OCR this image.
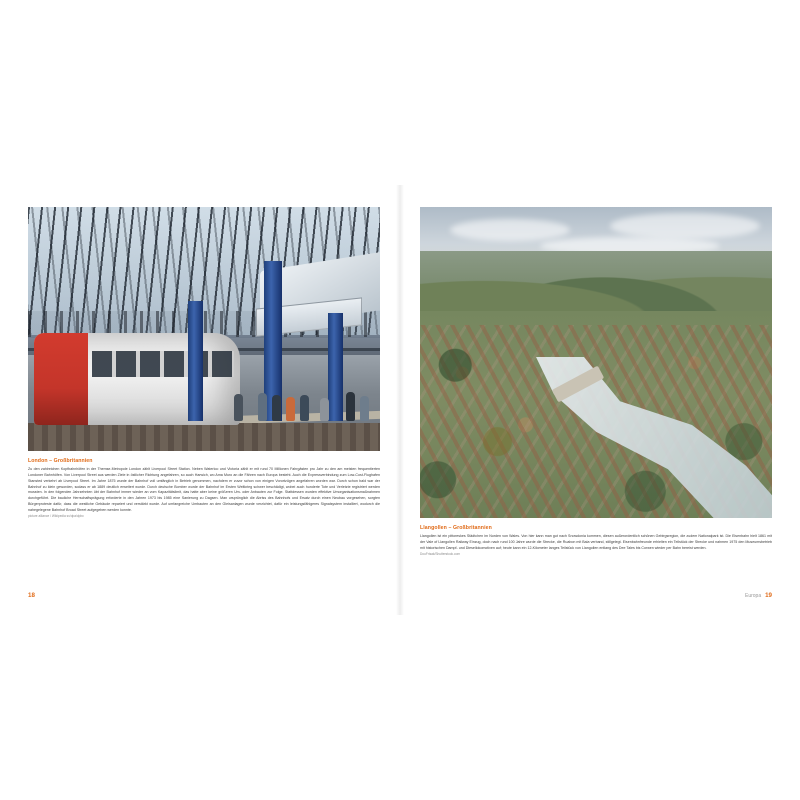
London – Großbritannien
Zu den zahlreichen Kopfbahnhöfen in der Themse-Metropole London zählt Liverpool Street Station. Neben Waterloo und Victoria zählt er mit rund 70 Millionen Fahrgästen pro Jahr zu den am meisten frequentierten Londoner Bahnhöfen. Von Liverpool Street aus werden Ziele in östlicher Richtung angefahren, so auch Harwich, wo Ama Muro an die Fähren nach Europa besteht. Auch die Expressverbindung zum Low-Cost-Flughafen Stansted verkehrt ab Liverpool Street. Im Jahre 1875 wurde der Bahnhof voll umfänglich in Betrieb genommen, nachdem er zuvor schon von einigen Vorortzügen angefahren worden war. Durch schon bald war der Bahnhof zu klein geworden, sodass er ab 1889 deutlich erweitert wurde. Durch deutsche Bomber wurde der Bahnhof im Ersten Weltkrieg schwer beschädigt, wobei auch hunderte Tote und Verletzte registriert werden mussten. In den folgenden Jahrzehnten übt der Bahnhof immer wieder an vom Kapazitätslimit, das hatte aber keine größeren Um- oder Anbauten zur Folge. Stattdessen wurden effektive Umorganisationsmaßnahmen durchgeführt. Die bauliche Herrschaftsprägung erforderte in den Jahren 1973 bis 1985 eine Sanierung zu Dagsen. Man ursprünglich die Abriss des Bahnhofs und Ersatz durch einen Neubau vorgesehen, sorgten Bürgerproteste dafür, dass die westliche Gebäude repariert und verstärkt wurde. Auf umfangreiche Umbauten an den Gleisanlagen wurde verzichtet, dafür ein leistungsfähigeres Signalsystem installiert, wodurch die nahegelegene Bahnhof Broad Street aufgegeben werden konnte.
picture alliance / Wikipedia sv/dpa/dpbc
18
Llangollen – Großbritannien
Llangollen ist ein pittoreskes Städtchen im Norden von Wales. Von hier kann man gut nach Snowdonia kommen, diesen außerordentlich schönen Gebirgsregion, die zudem Nationalpark ist. Die Eisenbahn hielt 1861 mit der Vale of Llangollen Railway Einzug, doch nach rund 100 Jahre wurde die Strecke, die Ruabon mit Bala verband, stillgelegt. Eisenbahnfreunde erhielten ein Teilstück der Strecke und nahmen 1975 den Museumsbetrieb mit historischen Dampf- und Diesellokomotiven auf; heute kann ein 12-Kilometer langes Teilstück von Llangollen entlang des Dee Tales bis Corwen wieder per Bahn bereist werden.
DouFrisak/Shutterstock.com
Europa 19
